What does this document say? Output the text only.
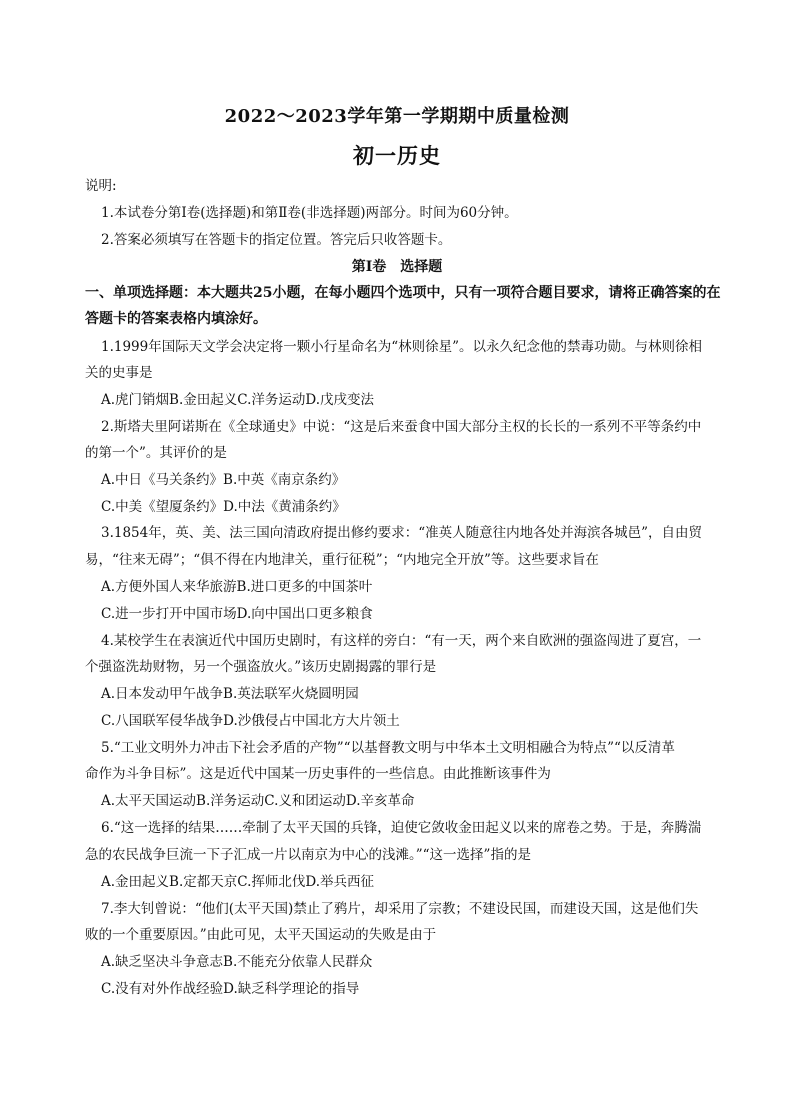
2022～2023学年第一学期期中质量检测
初一历史
说明:
1.本试卷分第Ⅰ卷(选择题)和第Ⅱ卷(非选择题)两部分。时间为60分钟。
2.答案必须填写在答题卡的指定位置。答完后只收答题卡。
第Ⅰ卷　选择题
一、单项选择题：本大题共25小题，在每小题四个选项中，只有一项符合题目要求，请将正确答案的在
答题卡的答案表格内填涂好。
1.1999年国际天文学会决定将一颗小行星命名为“林则徐星”。以永久纪念他的禁毒功勋。与林则徐相
关的史事是
A.虎门销烟B.金田起义C.洋务运动D.戊戌变法
2.斯塔夫里阿诺斯在《全球通史》中说：“这是后来蚕食中国大部分主权的长长的一系列不平等条约中
的第一个”。其评价的是
A.中日《马关条约》B.中英《南京条约》
C.中美《望厦条约》D.中法《黄浦条约》
3.1854年，英、美、法三国向清政府提出修约要求：“准英人随意往内地各处并海滨各城邑”，自由贸
易，“往来无碍”；“俱不得在内地津关，重行征税”；“内地完全开放”等。这些要求旨在
A.方便外国人来华旅游B.进口更多的中国茶叶
C.进一步打开中国市场D.向中国出口更多粮食
4.某校学生在表演近代中国历史剧时，有这样的旁白：“有一天，两个来自欧洲的强盗闯进了夏宫，一
个强盗洗劫财物，另一个强盗放火。”该历史剧揭露的罪行是
A.日本发动甲午战争B.英法联军火烧圆明园
C.八国联军侵华战争D.沙俄侵占中国北方大片领土
5.“工业文明外力冲击下社会矛盾的产物”“以基督教文明与中华本土文明相融合为特点”“以反清革
命作为斗争目标”。这是近代中国某一历史事件的一些信息。由此推断该事件为
A.太平天国运动B.洋务运动C.义和团运动D.辛亥革命
6.“这一选择的结果……牵制了太平天国的兵锋，迫使它敛收金田起义以来的席卷之势。于是，奔腾湍
急的农民战争巨流一下子汇成一片以南京为中心的浅滩。”“这一选择”指的是
A.金田起义B.定都天京C.挥师北伐D.举兵西征
7.李大钊曾说：“他们(太平天国)禁止了鸦片，却采用了宗教；不建设民国，而建设天国，这是他们失
败的一个重要原因。”由此可见，太平天国运动的失败是由于
A.缺乏坚决斗争意志B.不能充分依靠人民群众
C.没有对外作战经验D.缺乏科学理论的指导
